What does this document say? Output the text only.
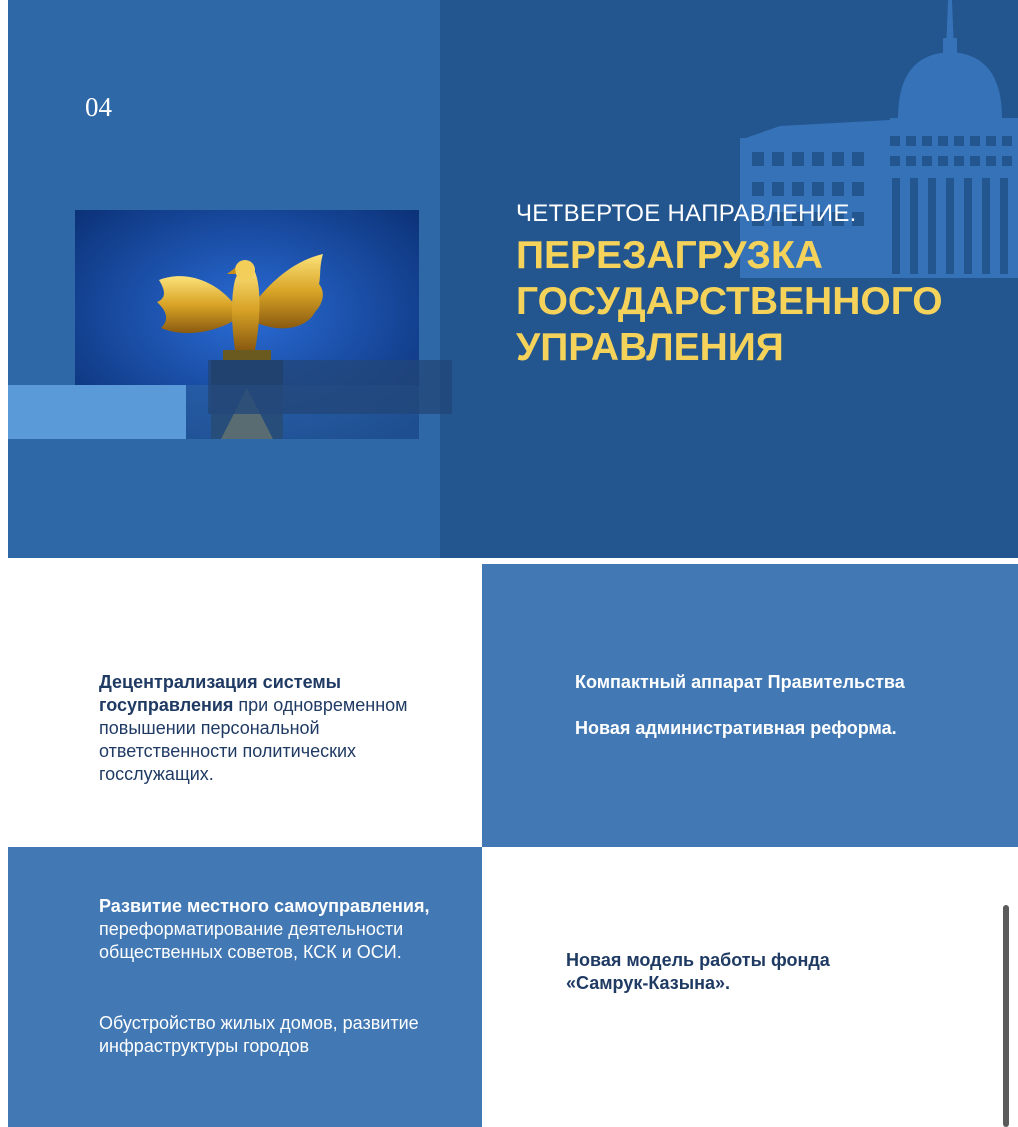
04
ЧЕТВЕРТОЕ НАПРАВЛЕНИЕ.
ПЕРЕЗАГРУЗКА ГОСУДАРСТВЕННОГО УПРАВЛЕНИЯ
Децентрализация системы госуправления при одновременном повышении персональной ответственности политических госслужащих.
Компактный аппарат Правительства
Новая административная реформа.
Развитие местного самоуправления, переформатирование деятельности общественных советов, КСК и ОСИ.
Обустройство жилых домов, развитие инфраструктуры городов
Новая модель работы фонда «Самрук-Казына».
